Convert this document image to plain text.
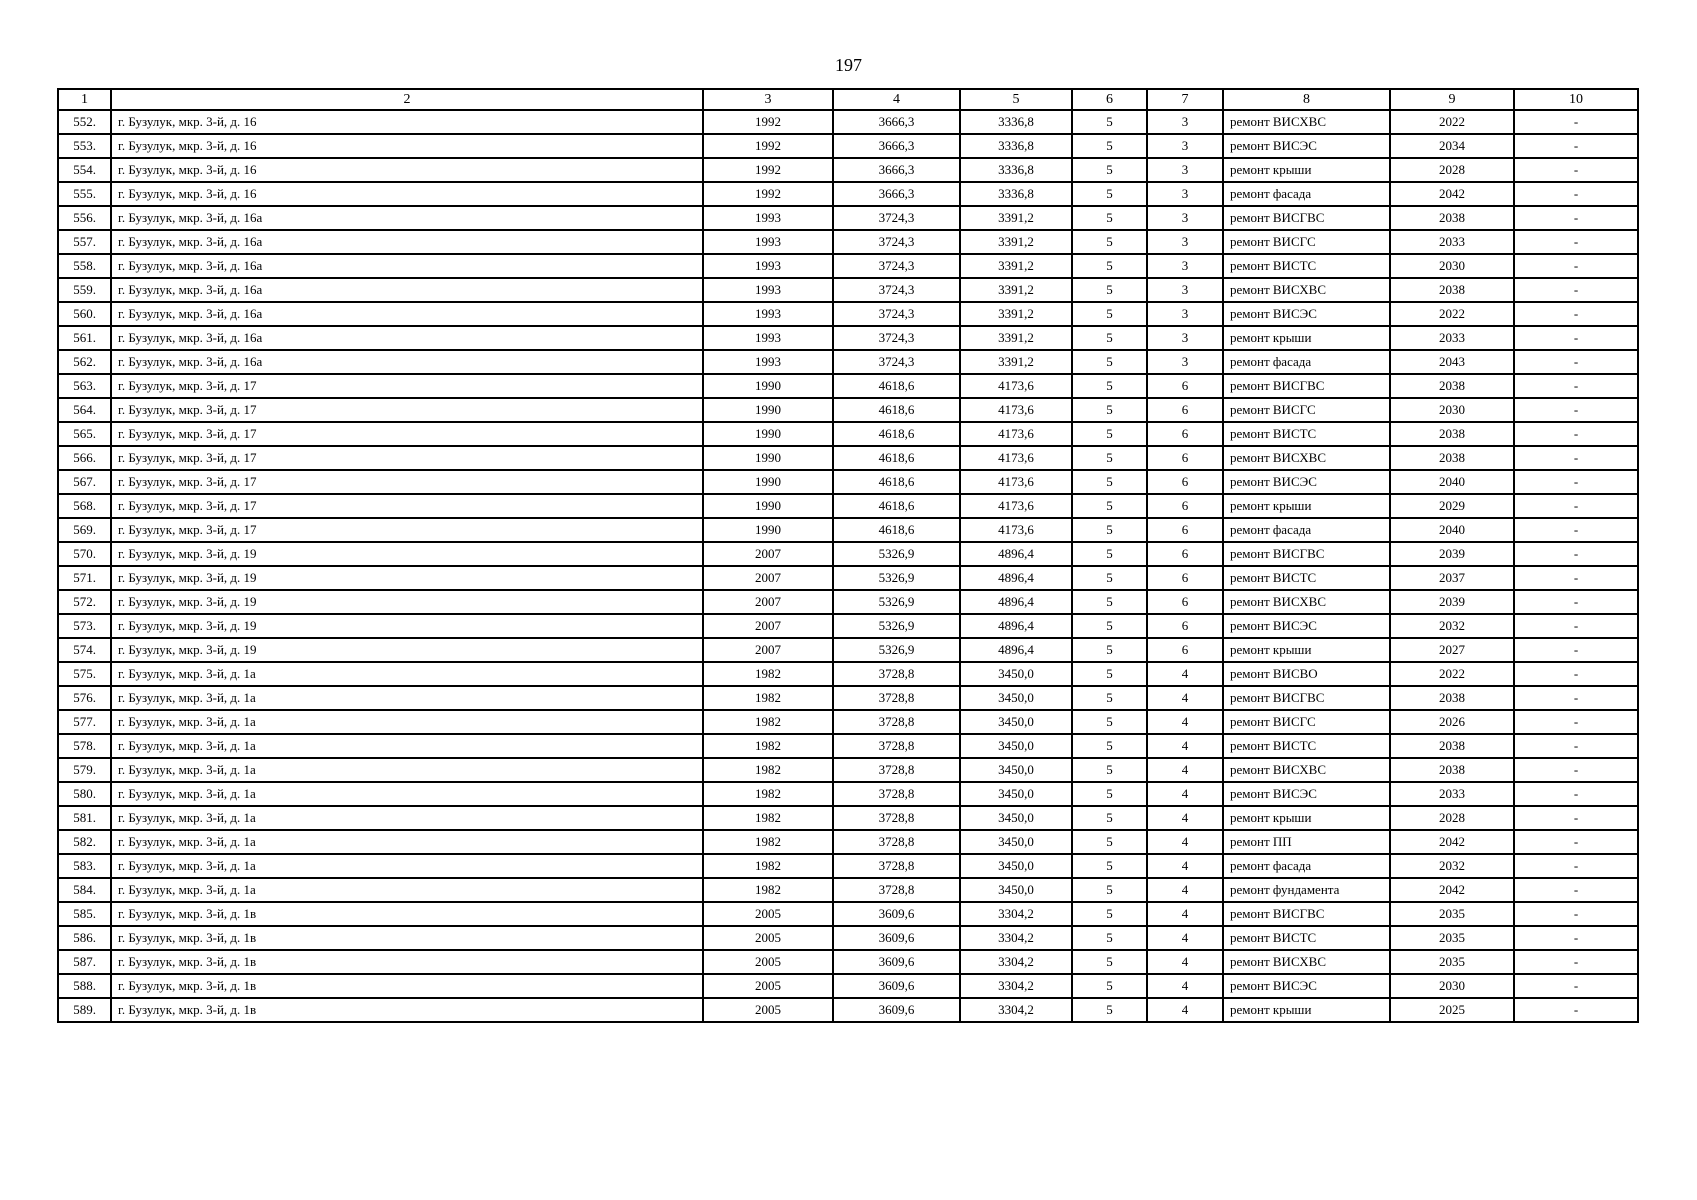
197
1	2	3	4	5	6	7	8	9	10
552.	г. Бузулук, мкр. 3-й, д. 16	1992	3666,3	3336,8	5	3	ремонт ВИСХВС	2022	-
553.	г. Бузулук, мкр. 3-й, д. 16	1992	3666,3	3336,8	5	3	ремонт ВИСЭС	2034	-
554.	г. Бузулук, мкр. 3-й, д. 16	1992	3666,3	3336,8	5	3	ремонт крыши	2028	-
555.	г. Бузулук, мкр. 3-й, д. 16	1992	3666,3	3336,8	5	3	ремонт фасада	2042	-
556.	г. Бузулук, мкр. 3-й, д. 16а	1993	3724,3	3391,2	5	3	ремонт ВИСГВС	2038	-
557.	г. Бузулук, мкр. 3-й, д. 16а	1993	3724,3	3391,2	5	3	ремонт ВИСГС	2033	-
558.	г. Бузулук, мкр. 3-й, д. 16а	1993	3724,3	3391,2	5	3	ремонт ВИСТС	2030	-
559.	г. Бузулук, мкр. 3-й, д. 16а	1993	3724,3	3391,2	5	3	ремонт ВИСХВС	2038	-
560.	г. Бузулук, мкр. 3-й, д. 16а	1993	3724,3	3391,2	5	3	ремонт ВИСЭС	2022	-
561.	г. Бузулук, мкр. 3-й, д. 16а	1993	3724,3	3391,2	5	3	ремонт крыши	2033	-
562.	г. Бузулук, мкр. 3-й, д. 16а	1993	3724,3	3391,2	5	3	ремонт фасада	2043	-
563.	г. Бузулук, мкр. 3-й, д. 17	1990	4618,6	4173,6	5	6	ремонт ВИСГВС	2038	-
564.	г. Бузулук, мкр. 3-й, д. 17	1990	4618,6	4173,6	5	6	ремонт ВИСГС	2030	-
565.	г. Бузулук, мкр. 3-й, д. 17	1990	4618,6	4173,6	5	6	ремонт ВИСТС	2038	-
566.	г. Бузулук, мкр. 3-й, д. 17	1990	4618,6	4173,6	5	6	ремонт ВИСХВС	2038	-
567.	г. Бузулук, мкр. 3-й, д. 17	1990	4618,6	4173,6	5	6	ремонт ВИСЭС	2040	-
568.	г. Бузулук, мкр. 3-й, д. 17	1990	4618,6	4173,6	5	6	ремонт крыши	2029	-
569.	г. Бузулук, мкр. 3-й, д. 17	1990	4618,6	4173,6	5	6	ремонт фасада	2040	-
570.	г. Бузулук, мкр. 3-й, д. 19	2007	5326,9	4896,4	5	6	ремонт ВИСГВС	2039	-
571.	г. Бузулук, мкр. 3-й, д. 19	2007	5326,9	4896,4	5	6	ремонт ВИСТС	2037	-
572.	г. Бузулук, мкр. 3-й, д. 19	2007	5326,9	4896,4	5	6	ремонт ВИСХВС	2039	-
573.	г. Бузулук, мкр. 3-й, д. 19	2007	5326,9	4896,4	5	6	ремонт ВИСЭС	2032	-
574.	г. Бузулук, мкр. 3-й, д. 19	2007	5326,9	4896,4	5	6	ремонт крыши	2027	-
575.	г. Бузулук, мкр. 3-й, д. 1а	1982	3728,8	3450,0	5	4	ремонт ВИСВО	2022	-
576.	г. Бузулук, мкр. 3-й, д. 1а	1982	3728,8	3450,0	5	4	ремонт ВИСГВС	2038	-
577.	г. Бузулук, мкр. 3-й, д. 1а	1982	3728,8	3450,0	5	4	ремонт ВИСГС	2026	-
578.	г. Бузулук, мкр. 3-й, д. 1а	1982	3728,8	3450,0	5	4	ремонт ВИСТС	2038	-
579.	г. Бузулук, мкр. 3-й, д. 1а	1982	3728,8	3450,0	5	4	ремонт ВИСХВС	2038	-
580.	г. Бузулук, мкр. 3-й, д. 1а	1982	3728,8	3450,0	5	4	ремонт ВИСЭС	2033	-
581.	г. Бузулук, мкр. 3-й, д. 1а	1982	3728,8	3450,0	5	4	ремонт крыши	2028	-
582.	г. Бузулук, мкр. 3-й, д. 1а	1982	3728,8	3450,0	5	4	ремонт ПП	2042	-
583.	г. Бузулук, мкр. 3-й, д. 1а	1982	3728,8	3450,0	5	4	ремонт фасада	2032	-
584.	г. Бузулук, мкр. 3-й, д. 1а	1982	3728,8	3450,0	5	4	ремонт фундамента	2042	-
585.	г. Бузулук, мкр. 3-й, д. 1в	2005	3609,6	3304,2	5	4	ремонт ВИСГВС	2035	-
586.	г. Бузулук, мкр. 3-й, д. 1в	2005	3609,6	3304,2	5	4	ремонт ВИСТС	2035	-
587.	г. Бузулук, мкр. 3-й, д. 1в	2005	3609,6	3304,2	5	4	ремонт ВИСХВС	2035	-
588.	г. Бузулук, мкр. 3-й, д. 1в	2005	3609,6	3304,2	5	4	ремонт ВИСЭС	2030	-
589.	г. Бузулук, мкр. 3-й, д. 1в	2005	3609,6	3304,2	5	4	ремонт крыши	2025	-
